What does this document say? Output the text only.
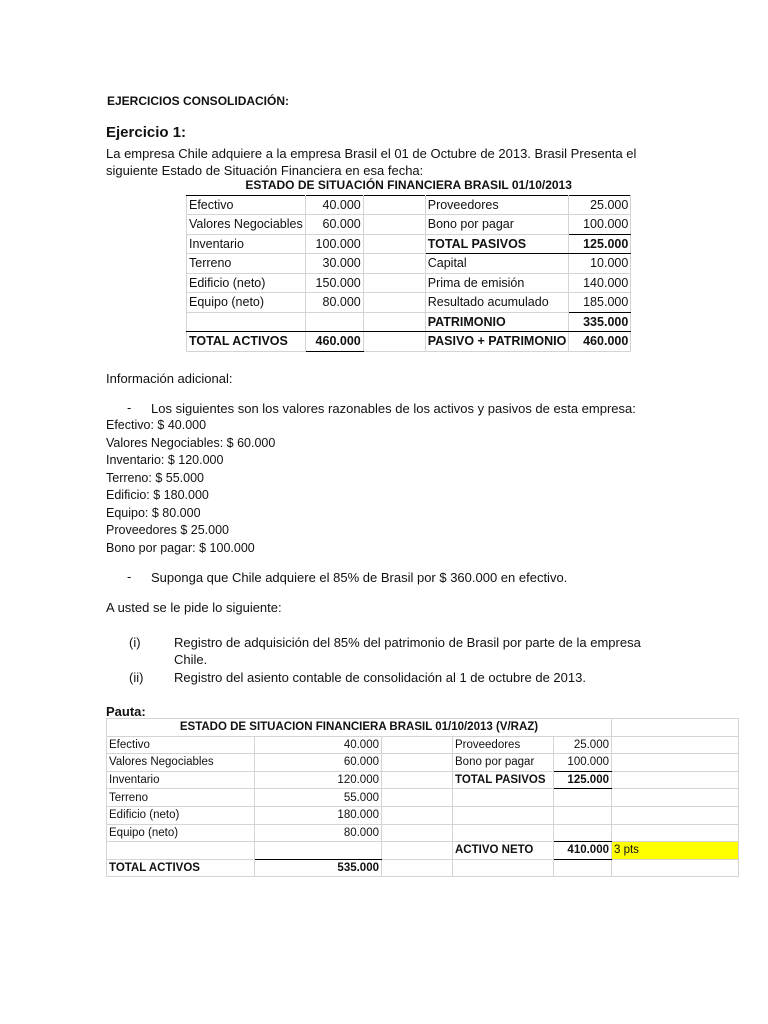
EJERCICIOS CONSOLIDACIÓN:
Ejercicio 1:
La empresa Chile adquiere a la empresa Brasil el 01 de Octubre de 2013. Brasil Presenta el
siguiente Estado de Situación Financiera en esa fecha:
ESTADO DE SITUACIÓN FINANCIERA BRASIL 01/10/2013				
Efectivo	40.000		Proveedores	25.000
Valores Negociables	60.000		Bono por pagar	100.000
Inventario	100.000		TOTAL PASIVOS	125.000
Terreno	30.000		Capital	10.000
Edificio (neto)	150.000		Prima de emisión	140.000
Equipo (neto)	80.000		Resultado acumulado	185.000
			PATRIMONIO	335.000
TOTAL ACTIVOS	460.000		PASIVO + PATRIMONIO	460.000
Información adicional:
- Los siguientes son los valores razonables de los activos y pasivos de esta empresa:
Efectivo: $ 40.000
Valores Negociables: $ 60.000
Inventario: $ 120.000
Terreno: $ 55.000
Edificio: $ 180.000
Equipo: $ 80.000
Proveedores $ 25.000
Bono por pagar: $ 100.000
- Suponga que Chile adquiere el 85% de Brasil por $ 360.000 en efectivo.
A usted se le pide lo siguiente:
(i)	Registro de adquisición del 85% del patrimonio de Brasil por parte de la empresa
Chile.
(ii) Registro del asiento contable de consolidación al 1 de octubre de 2013.
Pauta:
ESTADO DE SITUACION FINANCIERA BRASIL 01/10/2013 (V/RAZ)					
Efectivo	40.000		Proveedores	25.000	
Valores Negociables	60.000		Bono por pagar	100.000	
Inventario	120.000		TOTAL PASIVOS	125.000	
Terreno	55.000				
Edificio (neto)	180.000				
Equipo (neto)	80.000				
			ACTIVO NETO	410.000	3 pts
TOTAL ACTIVOS	535.000				
